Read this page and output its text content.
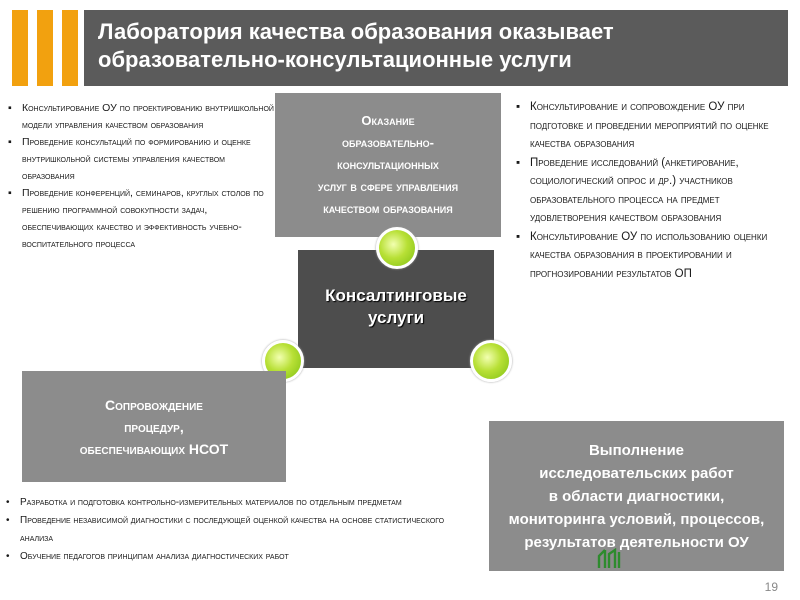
Лаборатория качества образования оказывает
образовательно-консультационные услуги
▪ Консультирование ОУ по проектированию внутришкольной модели управления качеством образования
▪ Проведение консультаций по формированию и оценке внутришкольной системы управления качеством образования
▪ Проведение конференций, семинаров, круглых столов по решению программной совокупности задач, обеспечивающих качество и эффективность учебно-воспитательного процесса
Оказание
образовательно-
консультационных
услуг в сфере управления
качеством образования
▪ Консультирование и сопровождение ОУ при подготовке и проведении мероприятий по оценке качества образования
▪ Проведение исследований (анкетирование, социологический опрос и др.) участников образовательного процесса на предмет удовлетворения качеством образования
▪ Консультирование ОУ по использованию оценки качества образования в проектировании и прогнозировании результатов ОП
Консалтинговые
услуги
Сопровождение
процедур,
обеспечивающих НСОТ	Выполнение
исследовательских работ
в области диагностики,
мониторинга условий, процессов,
результатов деятельности ОУ
• Разработка и подготовка контрольно-измерительных материалов по отдельным предметам
• Проведение независимой диагностики с последующей оценкой качества на основе статистического анализа
• Обучение педагогов принципам анализа диагностических работ
19
